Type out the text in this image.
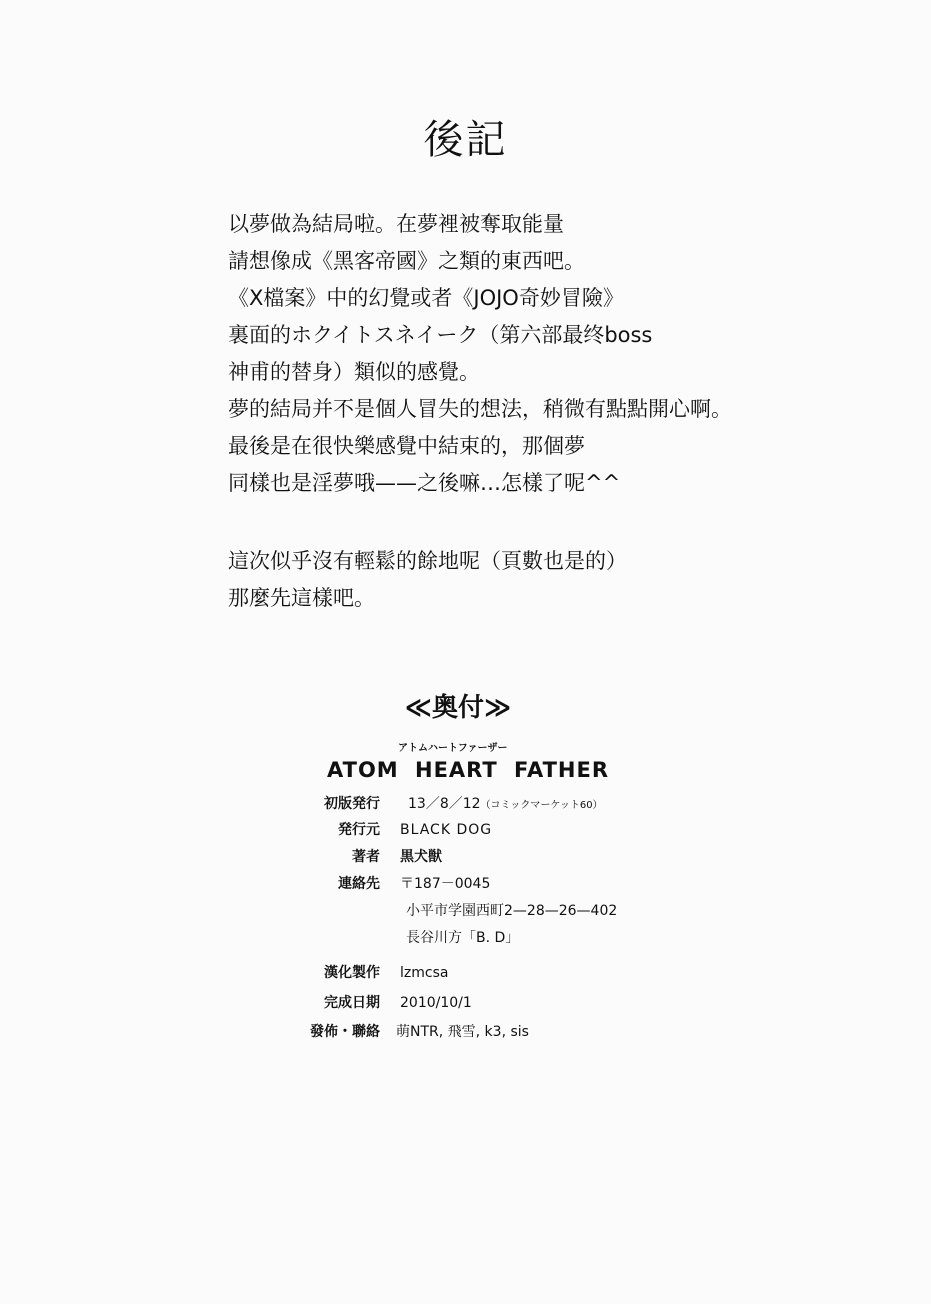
後記
以夢做為結局啦。在夢裡被奪取能量
請想像成《黑客帝國》之類的東西吧。
《X檔案》中的幻覺或者《JOJO奇妙冒險》
裏面的ホクイトスネイーク（第六部最终boss
神甫的替身）類似的感覺。
夢的結局并不是個人冒失的想法，稍微有點點開心啊。
最後是在很快樂感覺中結束的，那個夢
同樣也是淫夢哦——之後嘛…怎樣了呢^^
這次似乎沒有輕鬆的餘地呢（頁數也是的）
那麼先這樣吧。
≪奥付≫
アトムハートファーザー
ATOM HEART FATHER
初版発行 13／8／12（コミックマーケット60）
発行元 BLACK DOG
著者 黒犬獣
連絡先 〒187－0045
小平市学園西町2—28—26—402
長谷川方「B. D」
漢化製作 lzmcsa
完成日期 2010/10/1
發佈・聯絡 萌NTR, 飛雪, k3, sis
